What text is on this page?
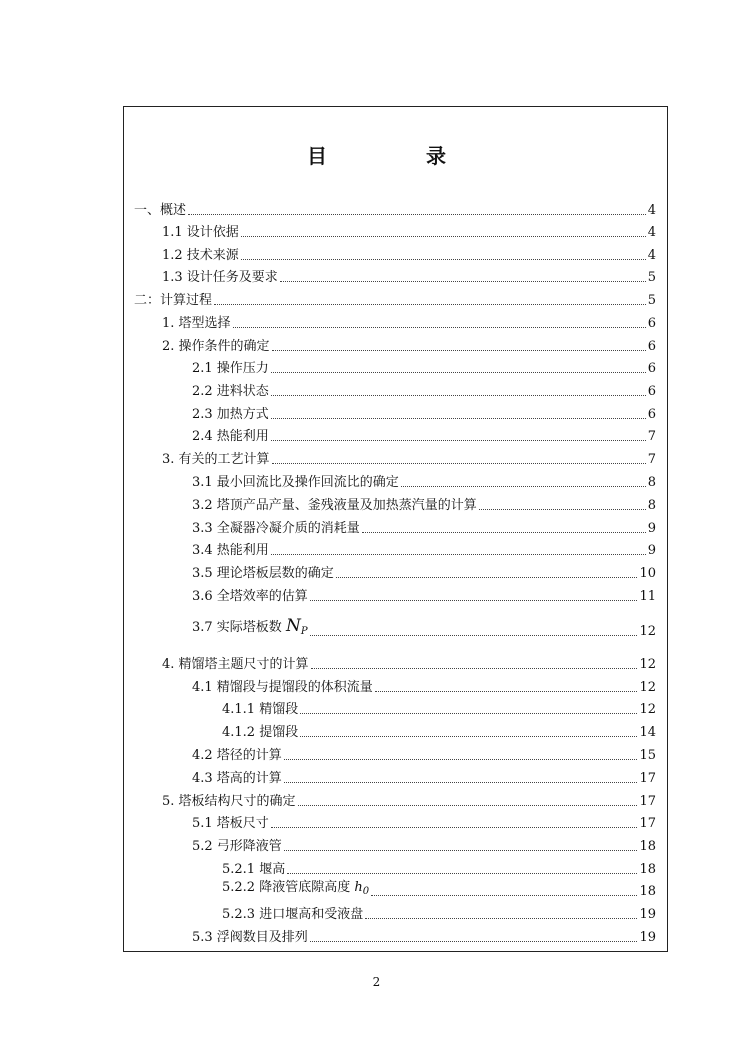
目 录
一、概述	4
1.1 设计依据	4
1.2 技术来源	4
1.3 设计任务及要求	5
二：计算过程	5
1. 塔型选择	6
2. 操作条件的确定	6
2.1 操作压力	6
2.2 进料状态	6
2.3 加热方式	6
2.4 热能利用	7
3. 有关的工艺计算	7
3.1 最小回流比及操作回流比的确定	8
3.2 塔顶产品产量、釜残液量及加热蒸汽量的计算	8
3.3 全凝器冷凝介质的消耗量	9
3.4 热能利用	9
3.5 理论塔板层数的确定	10
3.6 全塔效率的估算	11
3.7 实际塔板数 $N_P$	12
4. 精馏塔主题尺寸的计算	12
4.1 精馏段与提馏段的体积流量	12
4.1.1 精馏段	12
4.1.2 提馏段	14
4.2 塔径的计算	15
4.3 塔高的计算	17
5. 塔板结构尺寸的确定	17
5.1 塔板尺寸	17
5.2 弓形降液管	18
5.2.1 堰高	18
5.2.2 降液管底隙高度 $h_0$	18
5.2.3 进口堰高和受液盘	19
5.3 浮阀数目及排列	19
2
